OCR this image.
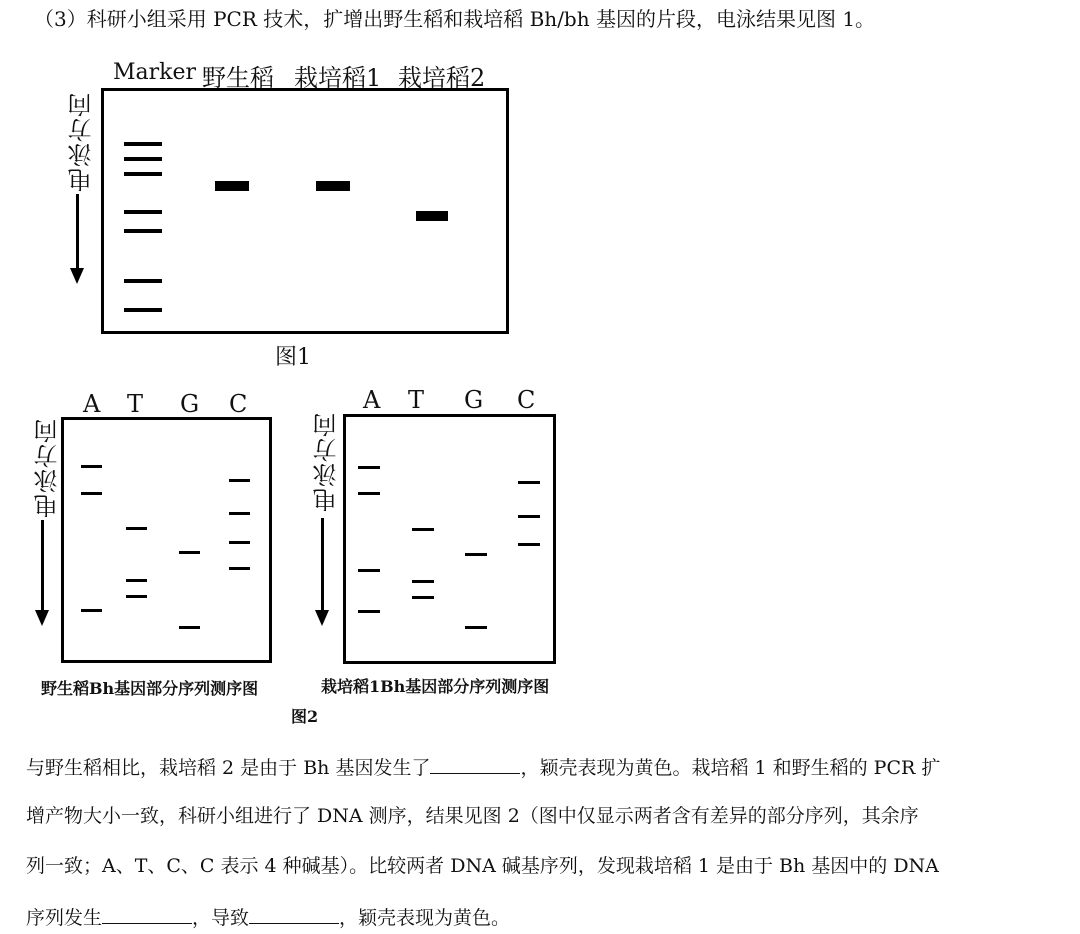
（3）科研小组采用 PCR 技术，扩增出野生稻和栽培稻 Bh/bh 基因的片段，电泳结果见图 1。
Marker 野生稻 栽培稻1 栽培稻2
电泳方向
图1
A T G C
电泳方向
野生稻Bh基因部分序列测序图
A T G C
电泳方向
栽培稻1Bh基因部分序列测序图
图2
与野生稻相比，栽培稻 2 是由于 Bh 基因发生了	，颖壳表现为黄色。栽培稻 1 和野生稻的 PCR 扩
增产物大小一致，科研小组进行了 DNA 测序，结果见图 2（图中仅显示两者含有差异的部分序列，其余序
列一致；A、T、C、C 表示 4 种碱基）。比较两者 DNA 碱基序列，发现栽培稻 1 是由于 Bh 基因中的 DNA
序列发生	，导致	，颖壳表现为黄色。
